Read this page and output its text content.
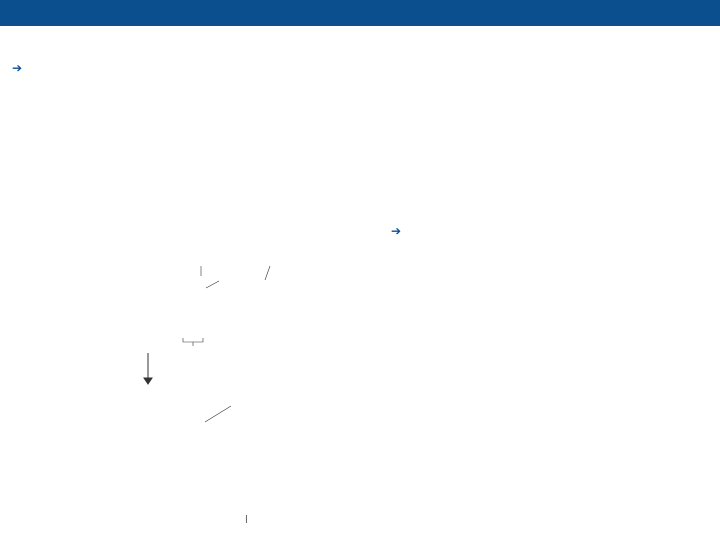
➔
➔
|
